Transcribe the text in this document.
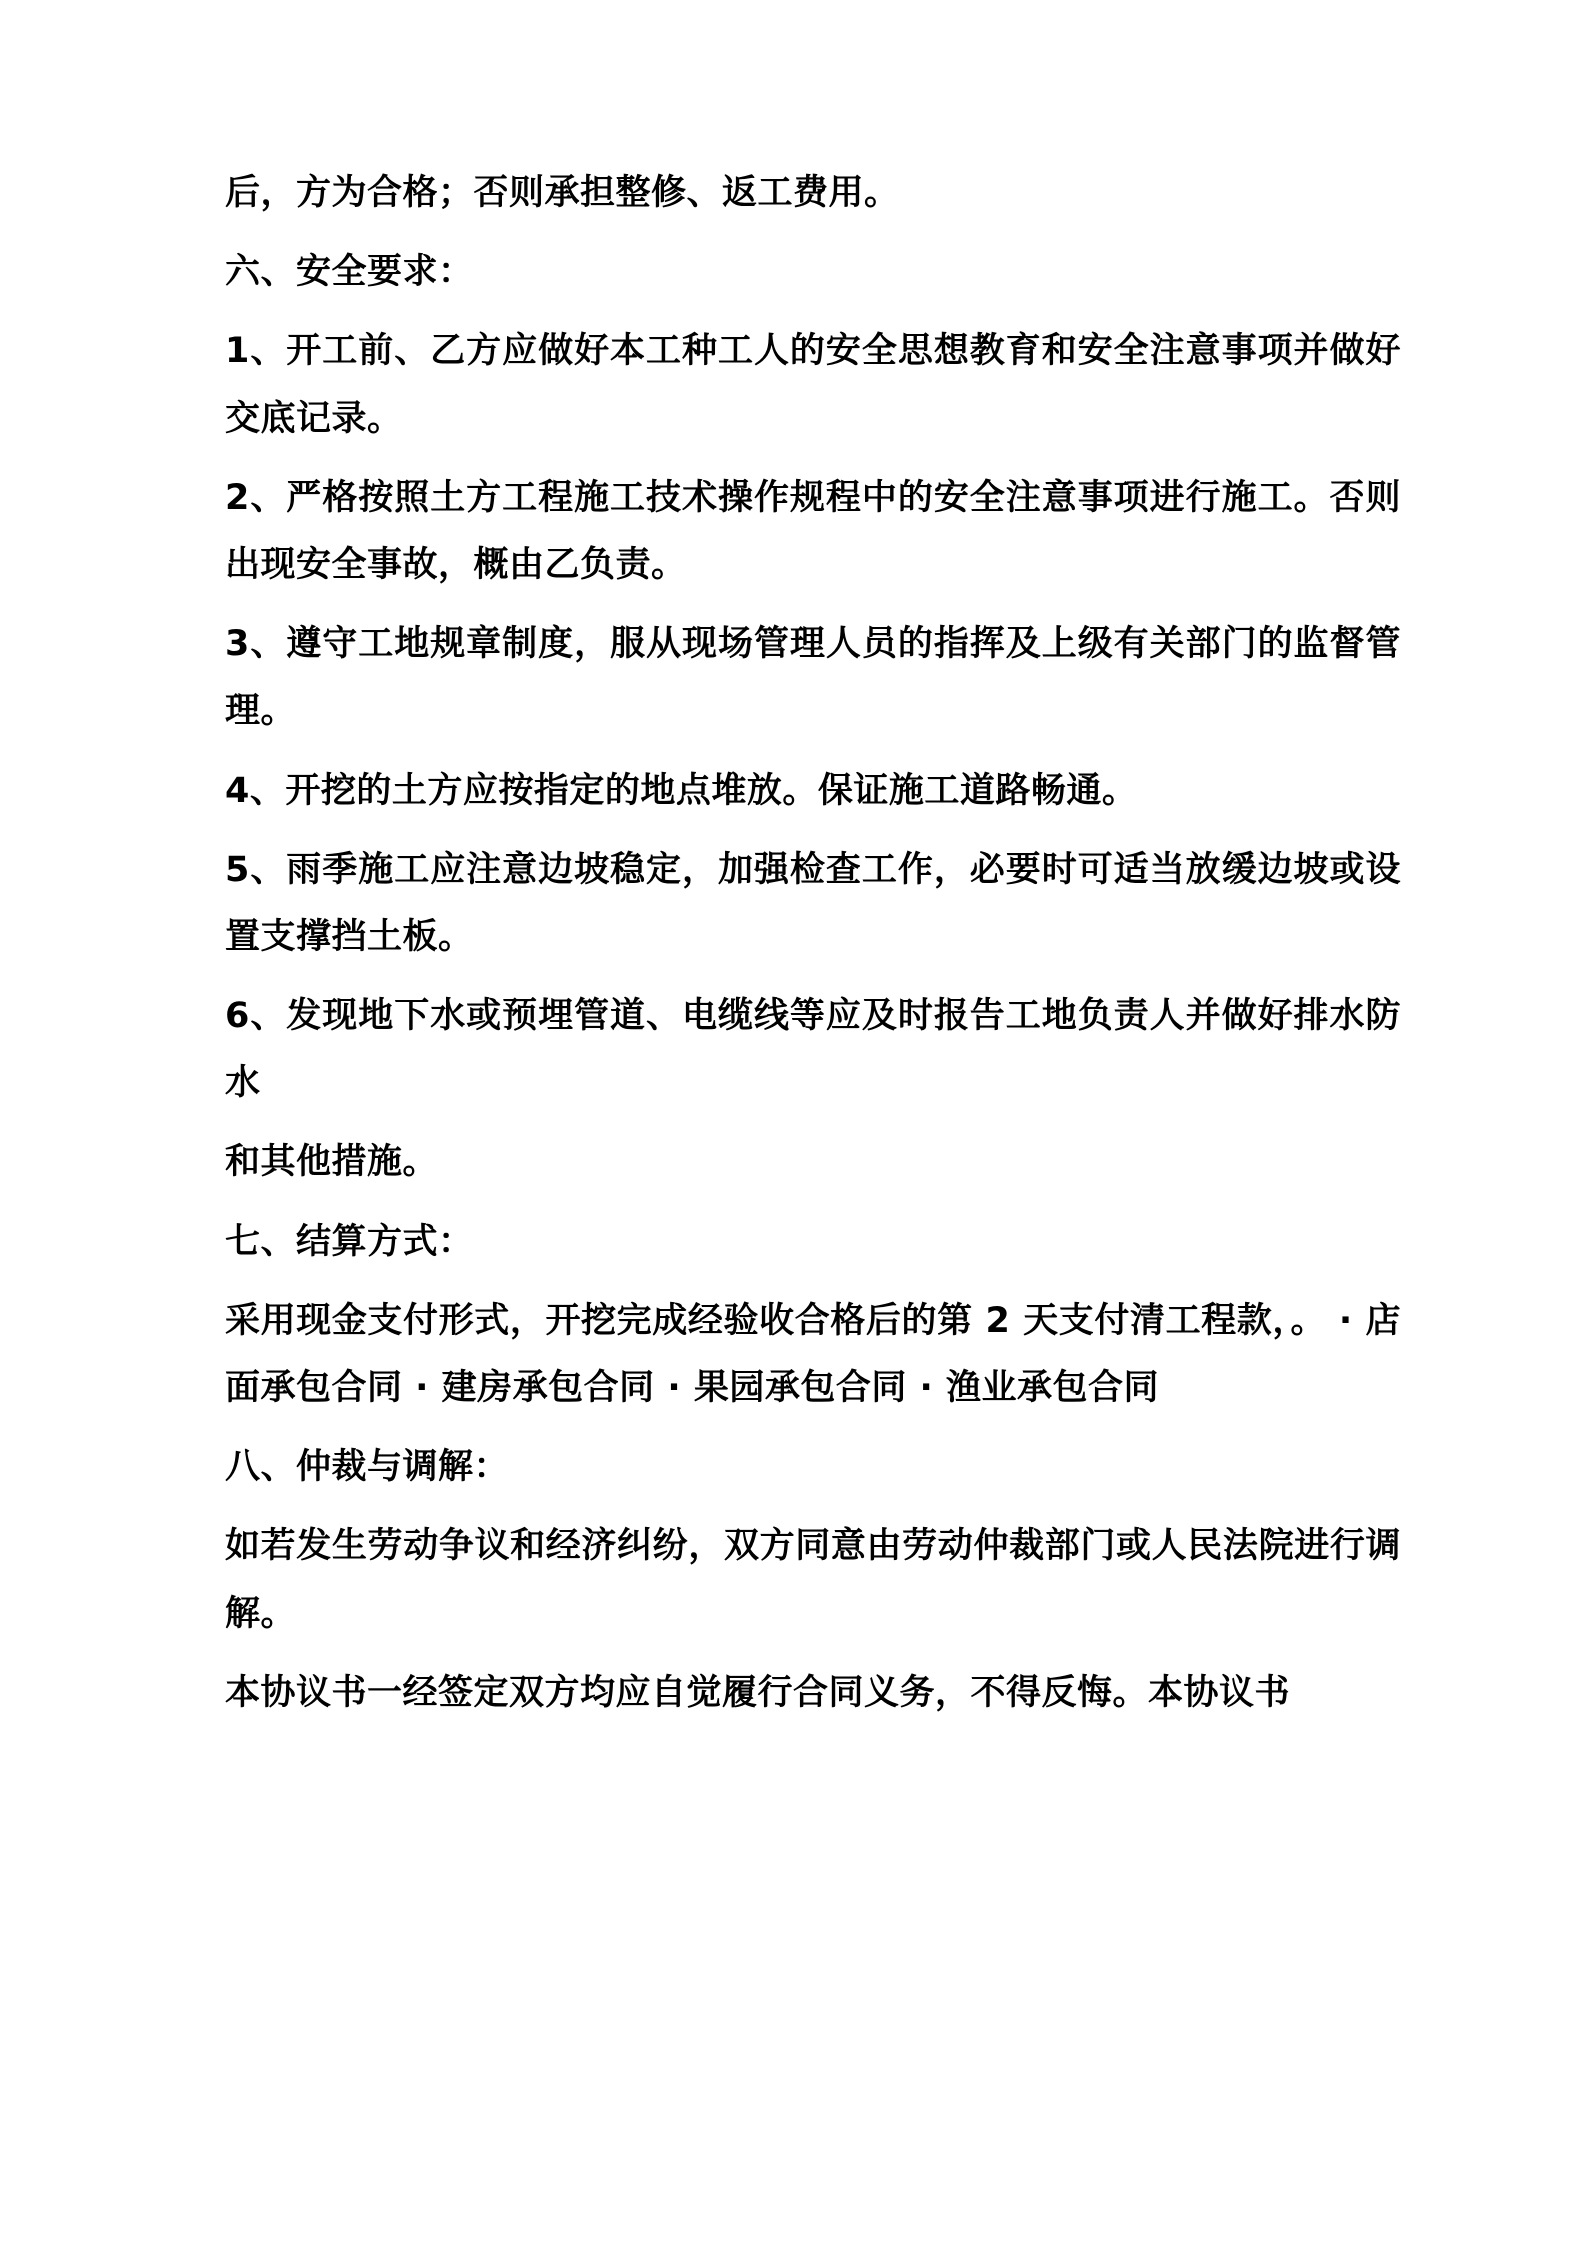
后，方为合格；否则承担整修、返工费用。

六、安全要求：

1、开工前、乙方应做好本工种工人的安全思想教育和安全注意事项并做好交底记录。

2、严格按照土方工程施工技术操作规程中的安全注意事项进行施工。否则出现安全事故，概由乙负责。

3、遵守工地规章制度，服从现场管理人员的指挥及上级有关部门的监督管理。

4、开挖的土方应按指定的地点堆放。保证施工道路畅通。

5、雨季施工应注意边坡稳定，加强检查工作，必要时可适当放缓边坡或设置支撑挡土板。

6、发现地下水或预埋管道、电缆线等应及时报告工地负责人并做好排水防水

和其他措施。

七、结算方式：

采用现金支付形式，开挖完成经验收合格后的第 2 天支付清工程款，。 · 店面承包合同 · 建房承包合同 · 果园承包合同 · 渔业承包合同

八、仲裁与调解：

如若发生劳动争议和经济纠纷，双方同意由劳动仲裁部门或人民法院进行调解。

本协议书一经签定双方均应自觉履行合同义务，不得反悔。本协议书
